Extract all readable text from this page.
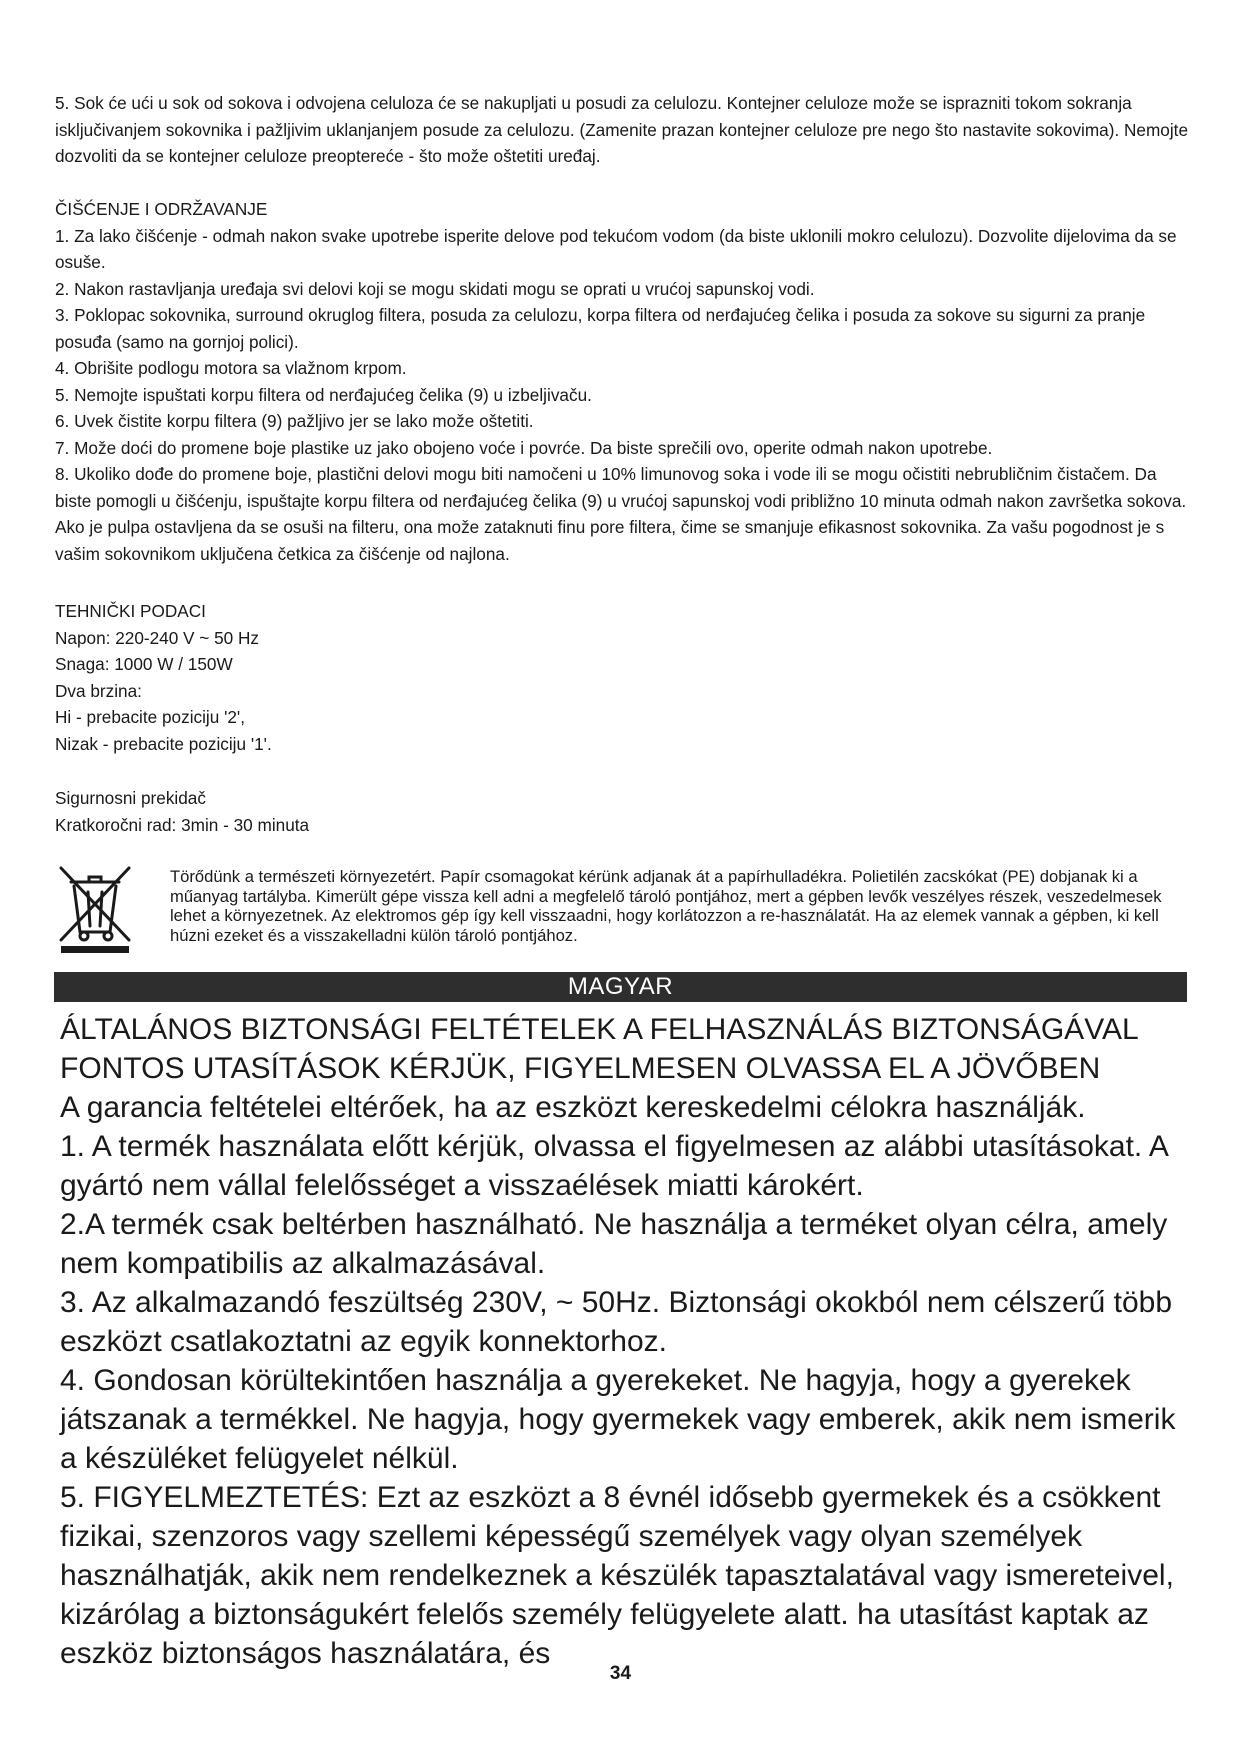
5. Sok će ući u sok od sokova i odvojena celuloza će se nakupljati u posudi za celulozu. Kontejner celuloze može se isprazniti tokom sokranja isključivanjem sokovnika i pažljivim uklanjanjem posude za celulozu. (Zamenite prazan kontejner celuloze pre nego što nastavite sokovima). Nemojte dozvoliti da se kontejner celuloze preoptereće - što može oštetiti uređaj.

ČIŠĆENJE I ODRŽAVANJE

1. Za lako čišćenje - odmah nakon svake upotrebe isperite delove pod tekućom vodom (da biste uklonili mokro celulozu). Dozvolite dijelovima da se osuše.

2. Nakon rastavljanja uređaja svi delovi koji se mogu skidati mogu se oprati u vrućoj sapunskoj vodi.

3. Poklopac sokovnika, surround okruglog filtera, posuda za celulozu, korpa filtera od nerđajućeg čelika i posuda za sokove su sigurni za pranje posuđa (samo na gornjoj polici).

4. Obrišite podlogu motora sa vlažnom krpom.

5. Nemojte ispuštati korpu filtera od nerđajućeg čelika (9) u izbeljivaču.

6. Uvek čistite korpu filtera (9) pažljivo jer se lako može oštetiti.

7. Može doći do promene boje plastike uz jako obojeno voće i povrće. Da biste sprečili ovo, operite odmah nakon upotrebe.

8. Ukoliko dođe do promene boje, plastični delovi mogu biti namočeni u 10% limunovog soka i vode ili se mogu očistiti nebrubličnim čistačem. Da biste pomogli u čišćenju, ispuštajte korpu filtera od nerđajućeg čelika (9) u vrućoj sapunskoj vodi približno 10 minuta odmah nakon završetka sokova. Ako je pulpa ostavljena da se osuši na filteru, ona može zataknuti finu pore filtera, čime se smanjuje efikasnost sokovnika. Za vašu pogodnost je s vašim sokovnikom uključena četkica za čišćenje od najlona.

TEHNIČKI PODACI

Napon: 220-240 V ~ 50 Hz

Snaga: 1000 W / 150W

Dva brzina:

Hi - prebacite poziciju '2',

Nizak - prebacite poziciju '1'.

Sigurnosni prekidač

Kratkoročni rad: 3min - 30 minuta

Törődünk a természeti környezetért. Papír csomagokat kérünk adjanak át a papírhulladékra. Polietilén zacskókat (PE) dobjanak ki a műanyag tartályba. Kimerült gépe vissza kell adni a megfelelő tároló pontjához, mert a gépben levők veszélyes részek, veszedelmesek lehet a környezetnek. Az elektromos gép így kell visszaadni, hogy korlátozzon a re-használatát. Ha az elemek vannak a gépben, ki kell húzni ezeket és a visszakelladni külön tároló pontjához.
MAGYAR

ÁLTALÁNOS BIZTONSÁGI FELTÉTELEK A FELHASZNÁLÁS BIZTONSÁGÁVAL FONTOS UTASÍTÁSOK KÉRJÜK, FIGYELMESEN OLVASSA EL A JÖVŐBEN

A garancia feltételei eltérőek, ha az eszközt kereskedelmi célokra használják.

1. A termék használata előtt kérjük, olvassa el figyelmesen az alábbi utasításokat. A gyártó nem vállal felelősséget a visszaélések miatti károkért.

2.A termék csak beltérben használható. Ne használja a terméket olyan célra, amely nem kompatibilis az alkalmazásával.

3. Az alkalmazandó feszültség 230V, ~ 50Hz. Biztonsági okokból nem célszerű több eszközt csatlakoztatni az egyik konnektorhoz.

4. Gondosan körültekintően használja a gyerekeket. Ne hagyja, hogy a gyerekek játszanak a termékkel. Ne hagyja, hogy gyermekek vagy emberek, akik nem ismerik a készüléket felügyelet nélkül.

5. FIGYELMEZTETÉS: Ezt az eszközt a 8 évnél idősebb gyermekek és a csökkent fizikai, szenzoros vagy szellemi képességű személyek vagy olyan személyek használhatják, akik nem rendelkeznek a készülék tapasztalatával vagy ismereteivel, kizárólag a biztonságukért felelős személy felügyelete alatt. ha utasítást kaptak az eszköz biztonságos használatára, és

34
